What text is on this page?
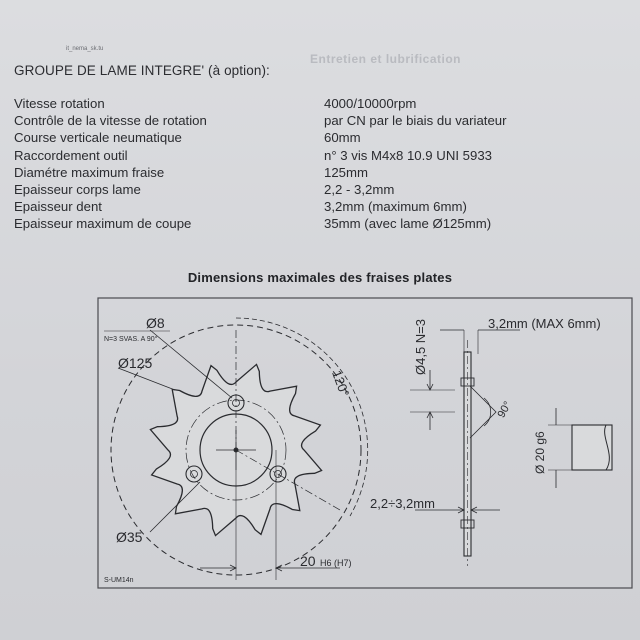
it_nema_sk.tu
Entretien et lubrification
GROUPE DE LAME INTEGRE' (à option):
Vitesse rotation	4000/10000rpm
Contrôle de la vitesse de rotation	par CN par le biais du variateur
Course verticale neumatique	60mm
Raccordement outil	n° 3 vis M4x8 10.9 UNI 5933
Diamétre maximum fraise	125mm
Epaisseur corps lame	2,2 - 3,2mm
Epaisseur dent	3,2mm (maximum 6mm)
Epaisseur maximum de coupe	35mm (avec lame Ø125mm)
Dimensions maximales des fraises plates
Ø8
N=3 SVAS. A 90°
Ø125
120°
Ø35
20 H6 (H7)
S-UM14n
Ø4,5 N=3	3,2mm (MAX 6mm)
90°
Ø 20 g6
2,2÷3,2mm
